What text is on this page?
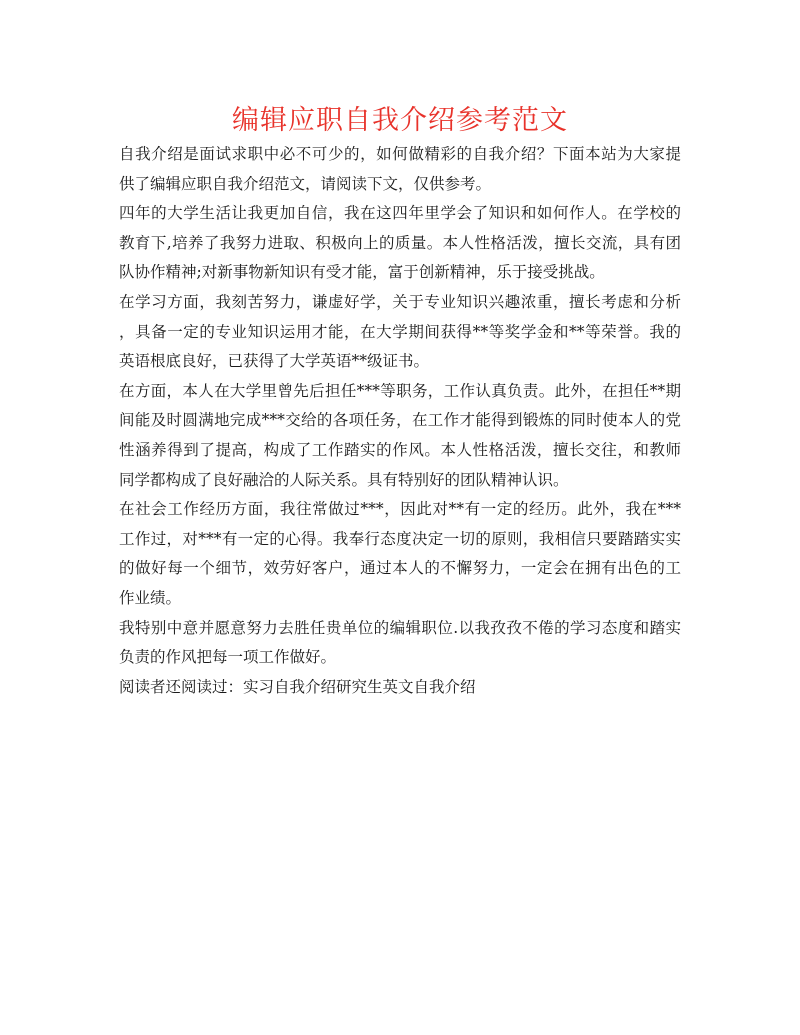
编辑应职自我介绍参考范文
自我介绍是面试求职中必不可少的，如何做精彩的自我介绍？下面本站为大家提
供了编辑应职自我介绍范文，请阅读下文，仅供参考。
四年的大学生活让我更加自信，我在这四年里学会了知识和如何作人。在学校的
教育下,培养了我努力进取、积极向上的质量。本人性格活泼，擅长交流，具有团
队协作精神;对新事物新知识有受才能，富于创新精神，乐于接受挑战。
在学习方面，我刻苦努力，谦虚好学，关于专业知识兴趣浓重，擅长考虑和分析
，具备一定的专业知识运用才能，在大学期间获得**等奖学金和**等荣誉。我的
英语根底良好，已获得了大学英语**级证书。
在方面，本人在大学里曾先后担任***等职务，工作认真负责。此外，在担任**期
间能及时圆满地完成***交给的各项任务，在工作才能得到锻炼的同时使本人的党
性涵养得到了提高，构成了工作踏实的作风。本人性格活泼，擅长交往，和教师
同学都构成了良好融洽的人际关系。具有特别好的团队精神认识。
在社会工作经历方面，我往常做过***，因此对**有一定的经历。此外，我在***
工作过，对***有一定的心得。我奉行态度决定一切的原则，我相信只要踏踏实实
的做好每一个细节，效劳好客户，通过本人的不懈努力，一定会在拥有出色的工
作业绩。
我特别中意并愿意努力去胜任贵单位的编辑职位.以我孜孜不倦的学习态度和踏实
负责的作风把每一项工作做好。
阅读者还阅读过：实习自我介绍研究生英文自我介绍
